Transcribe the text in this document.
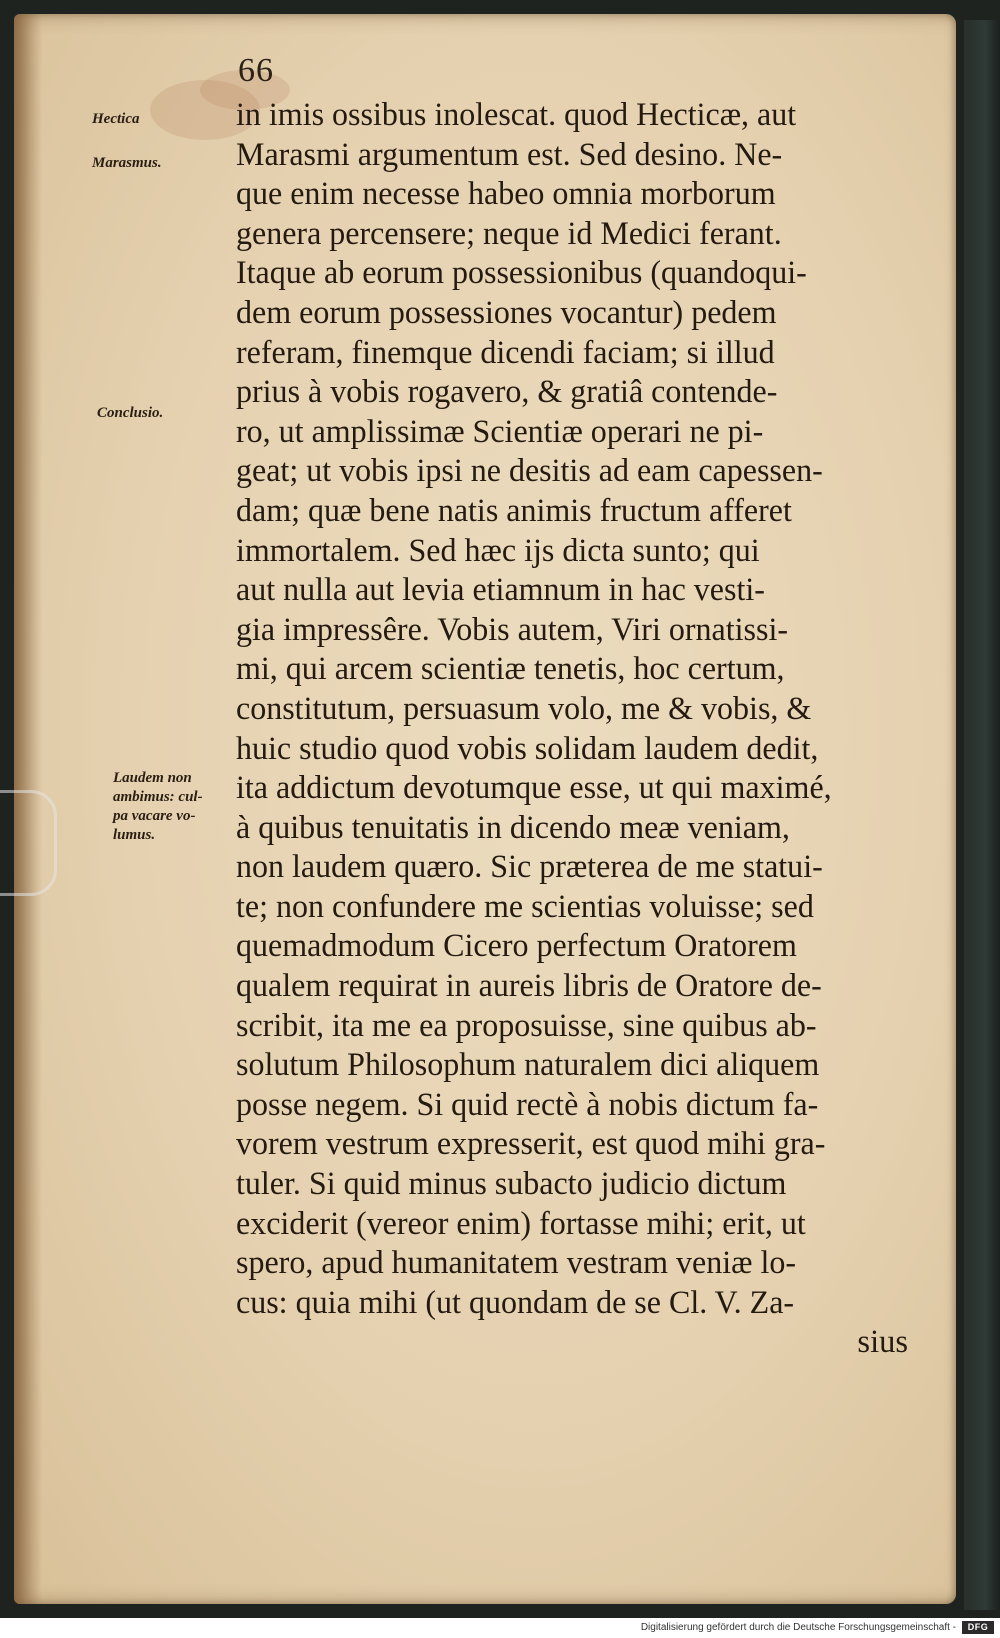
66
Hectica
Marasmus.
Conclusio.
Laudem non
ambimus: cul-
pa vacare vo-
lumus.
in imis ossibus inolescat. quod Hecticæ, aut
Marasmi argumentum est. Sed desino. Ne-
que enim necesse habeo omnia morborum
genera percensere; neque id Medici ferant.
Itaque ab eorum possessionibus (quandoqui-
dem eorum possessiones vocantur) pedem
referam, finemque dicendi faciam; si illud
prius à vobis rogavero, & gratiâ contende-
ro, ut amplissimæ Scientiæ operari ne pi-
geat; ut vobis ipsi ne desitis ad eam capessen-
dam; quæ bene natis animis fructum afferet
immortalem. Sed hæc ijs dicta sunto; qui
aut nulla aut levia etiamnum in hac vesti-
gia impressêre. Vobis autem, Viri ornatissi-
mi, qui arcem scientiæ tenetis, hoc certum,
constitutum, persuasum volo, me & vobis, &
huic studio quod vobis solidam laudem dedit,
ita addictum devotumque esse, ut qui maximé,
à quibus tenuitatis in dicendo meæ veniam,
non laudem quæro. Sic præterea de me statui-
te; non confundere me scientias voluisse; sed
quemadmodum Cicero perfectum Oratorem
qualem requirat in aureis libris de Oratore de-
scribit, ita me ea proposuisse, sine quibus ab-
solutum Philosophum naturalem dici aliquem
posse negem. Si quid rectè à nobis dictum fa-
vorem vestrum expresserit, est quod mihi gra-
tuler. Si quid minus subacto judicio dictum
exciderit (vereor enim) fortasse mihi; erit, ut
spero, apud humanitatem vestram veniæ lo-
cus: quia mihi (ut quondam de se Cl. V. Za-
sius
Digitalisierung gefördert durch die Deutsche Forschungsgemeinschaft -	DFG
